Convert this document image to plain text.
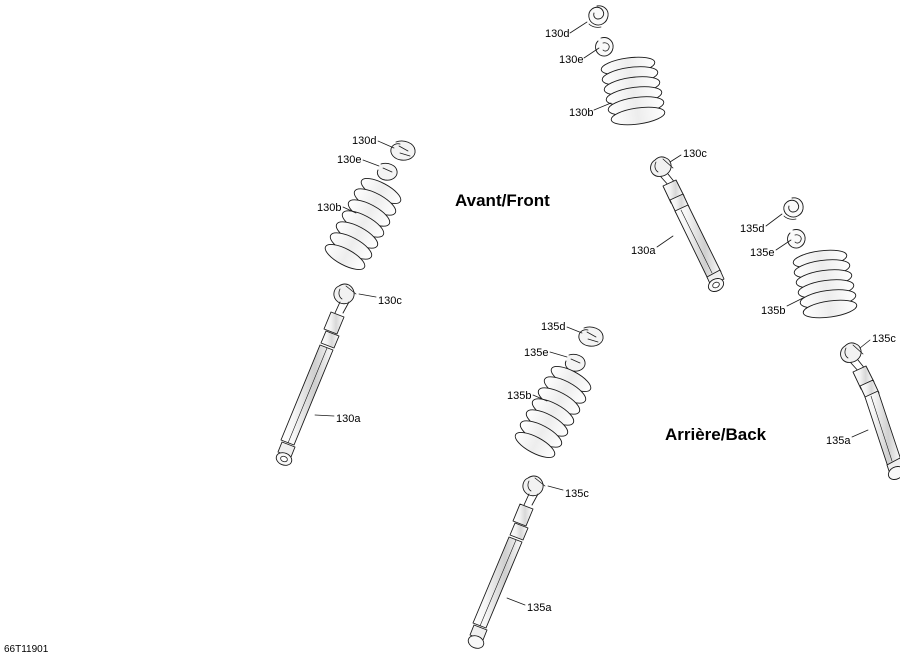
Avant/Front
Arrière/Back
130d
130e
130b
130c
130a
130d
130e
130b
130c
130a
135d
135e
135b
135c
135a
135d
135e
135b
135c
135a
66T11901
